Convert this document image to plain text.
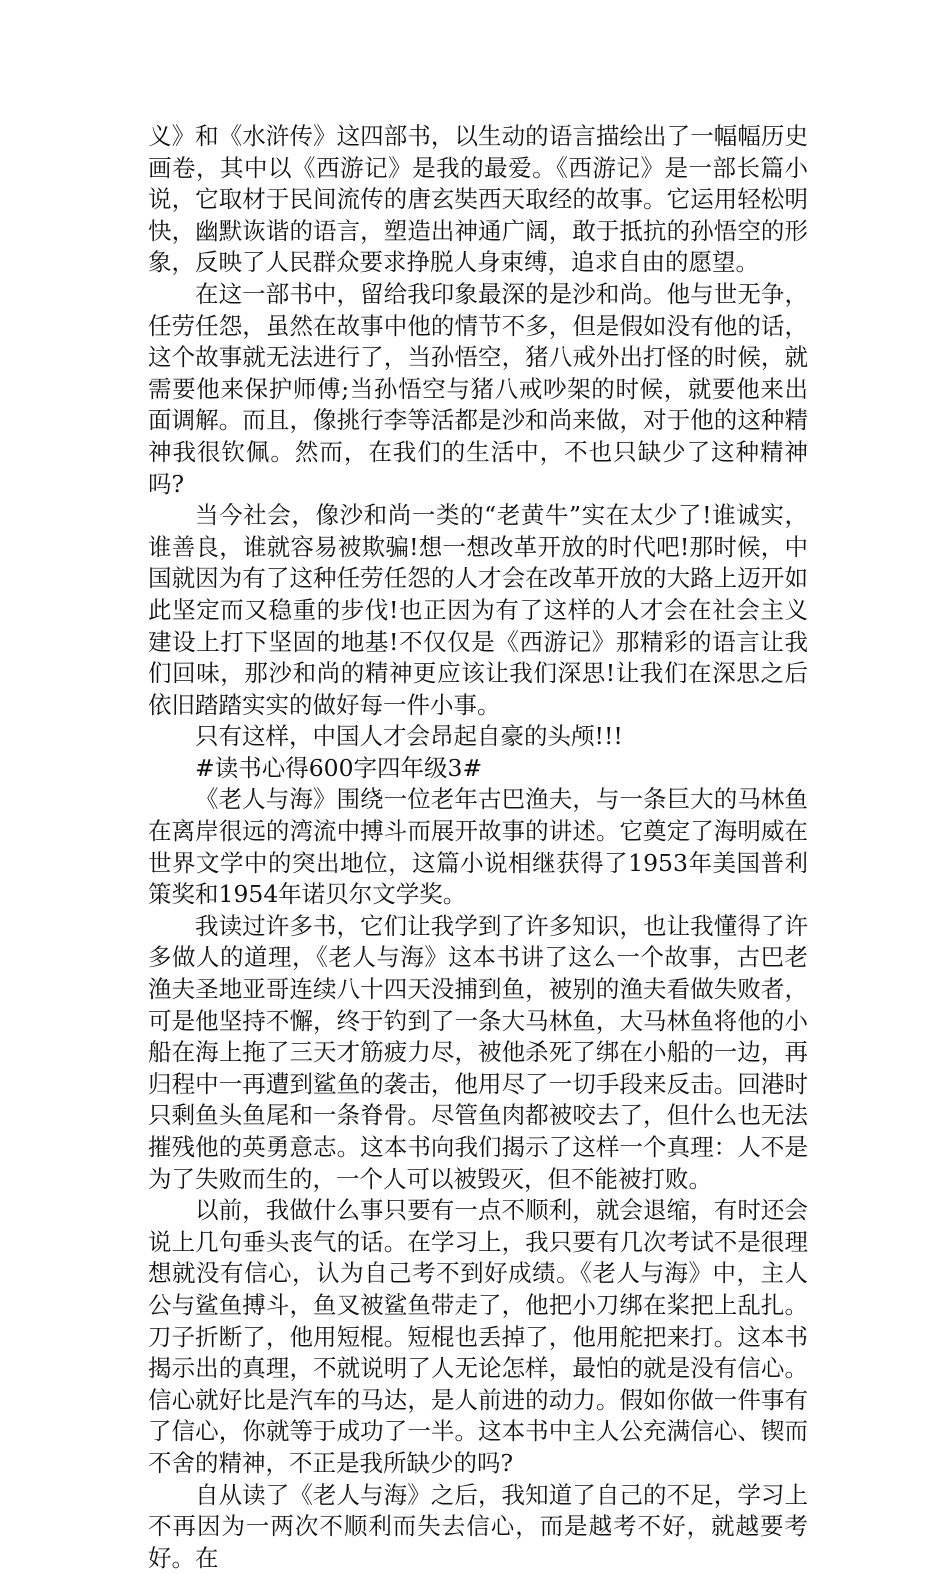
义》和《水浒传》这四部书，以生动的语言描绘出了一幅幅历史画卷，其中以《西游记》是我的最爱。《西游记》是一部长篇小说，它取材于民间流传的唐玄奘西天取经的故事。它运用轻松明快，幽默诙谐的语言，塑造出神通广阔，敢于抵抗的孙悟空的形象，反映了人民群众要求挣脱人身束缚，追求自由的愿望。

在这一部书中，留给我印象最深的是沙和尚。他与世无争，任劳任怨，虽然在故事中他的情节不多，但是假如没有他的话，这个故事就无法进行了，当孙悟空，猪八戒外出打怪的时候，就需要他来保护师傅;当孙悟空与猪八戒吵架的时候，就要他来出面调解。而且，像挑行李等活都是沙和尚来做，对于他的这种精神我很钦佩。然而，在我们的生活中，不也只缺少了这种精神吗?

当今社会，像沙和尚一类的“老黄牛”实在太少了!谁诚实，谁善良，谁就容易被欺骗!想一想改革开放的时代吧!那时候，中国就因为有了这种任劳任怨的人才会在改革开放的大路上迈开如此坚定而又稳重的步伐!也正因为有了这样的人才会在社会主义建设上打下坚固的地基!不仅仅是《西游记》那精彩的语言让我们回味，那沙和尚的精神更应该让我们深思!让我们在深思之后依旧踏踏实实的做好每一件小事。

只有这样，中国人才会昂起自豪的头颅!!!

#读书心得600字四年级3#

《老人与海》围绕一位老年古巴渔夫，与一条巨大的马林鱼在离岸很远的湾流中搏斗而展开故事的讲述。它奠定了海明威在世界文学中的突出地位，这篇小说相继获得了1953年美国普利策奖和1954年诺贝尔文学奖。

我读过许多书，它们让我学到了许多知识，也让我懂得了许多做人的道理，《老人与海》这本书讲了这么一个故事，古巴老渔夫圣地亚哥连续八十四天没捕到鱼，被别的渔夫看做失败者，可是他坚持不懈，终于钓到了一条大马林鱼，大马林鱼将他的小船在海上拖了三天才筋疲力尽，被他杀死了绑在小船的一边，再归程中一再遭到鲨鱼的袭击，他用尽了一切手段来反击。回港时只剩鱼头鱼尾和一条脊骨。尽管鱼肉都被咬去了，但什么也无法摧残他的英勇意志。这本书向我们揭示了这样一个真理：人不是为了失败而生的，一个人可以被毁灭，但不能被打败。

以前，我做什么事只要有一点不顺利，就会退缩，有时还会说上几句垂头丧气的话。在学习上，我只要有几次考试不是很理想就没有信心，认为自己考不到好成绩。《老人与海》中，主人公与鲨鱼搏斗，鱼叉被鲨鱼带走了，他把小刀绑在桨把上乱扎。刀子折断了，他用短棍。短棍也丢掉了，他用舵把来打。这本书揭示出的真理，不就说明了人无论怎样，最怕的就是没有信心。信心就好比是汽车的马达，是人前进的动力。假如你做一件事有了信心，你就等于成功了一半。这本书中主人公充满信心、锲而不舍的精神，不正是我所缺少的吗?

自从读了《老人与海》之后，我知道了自己的不足，学习上不再因为一两次不顺利而失去信心，而是越考不好，就越要考好。在
